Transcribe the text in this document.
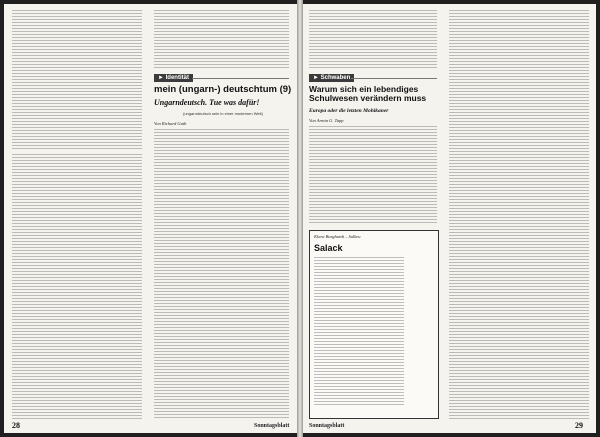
► Identität
mein (ungarn-) deutschtum (9)
Ungarndeutsch. Tue was dafür!
(ungarndeutsch sein in einer modernen Welt)
Von Richard Guth
28	Sonntagsblatt
► Schwaben
Warum sich ein lebendiges Schulwesen verändern muss
Europa oder die letzten Mohikaner
Von Armin G. Tapp
Klara Burghardt – Salkeu
Salack
Sonntagsblatt	29
